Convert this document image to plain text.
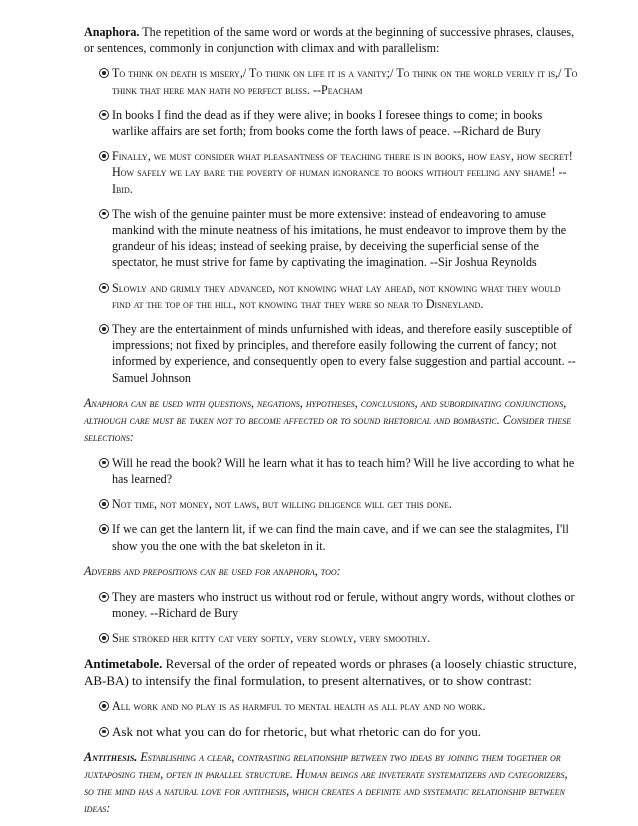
Anaphora. The repetition of the same word or words at the beginning of successive phrases, clauses, or sentences, commonly in conjunction with climax and with parallelism:

To think on death is misery,/ To think on life it is a vanity;/ To think on the world verily it is,/ To think that here man hath no perfect bliss. --Peacham
In books I find the dead as if they were alive; in books I foresee things to come; in books warlike affairs are set forth; from books come the forth laws of peace. --Richard de Bury
Finally, we must consider what pleasantness of teaching there is in books, how easy, how secret! How safely we lay bare the poverty of human ignorance to books without feeling any shame! --Ibid.
The wish of the genuine painter must be more extensive: instead of endeavoring to amuse mankind with the minute neatness of his imitations, he must endeavor to improve them by the grandeur of his ideas; instead of seeking praise, by deceiving the superficial sense of the spectator, he must strive for fame by captivating the imagination. --Sir Joshua Reynolds
Slowly and grimly they advanced, not knowing what lay ahead, not knowing what they would find at the top of the hill, not knowing that they were so near to Disneyland.
They are the entertainment of minds unfurnished with ideas, and therefore easily susceptible of impressions; not fixed by principles, and therefore easily following the current of fancy; not informed by experience, and consequently open to every false suggestion and partial account. -- Samuel Johnson

Anaphora can be used with questions, negations, hypotheses, conclusions, and subordinating conjunctions, although care must be taken not to become affected or to sound rhetorical and bombastic. Consider these selections:

Will he read the book? Will he learn what it has to teach him? Will he live according to what he has learned?
Not time, not money, not laws, but willing diligence will get this done.
If we can get the lantern lit, if we can find the main cave, and if we can see the stalagmites, I'll show you the one with the bat skeleton in it.

Adverbs and prepositions can be used for anaphora, too:

They are masters who instruct us without rod or ferule, without angry words, without clothes or money. --Richard de Bury
She stroked her kitty cat very softly, very slowly, very smoothly.

Antimetabole. Reversal of the order of repeated words or phrases (a loosely chiastic structure, AB-BA) to intensify the final formulation, to present alternatives, or to show contrast:

All work and no play is as harmful to mental health as all play and no work.
Ask not what you can do for rhetoric, but what rhetoric can do for you.

Antithesis. Establishing a clear, contrasting relationship between two ideas by joining them together or juxtaposing them, often in parallel structure. Human beings are inveterate systematizers and categorizers, so the mind has a natural love for antithesis, which creates a definite and systematic relationship between ideas:
